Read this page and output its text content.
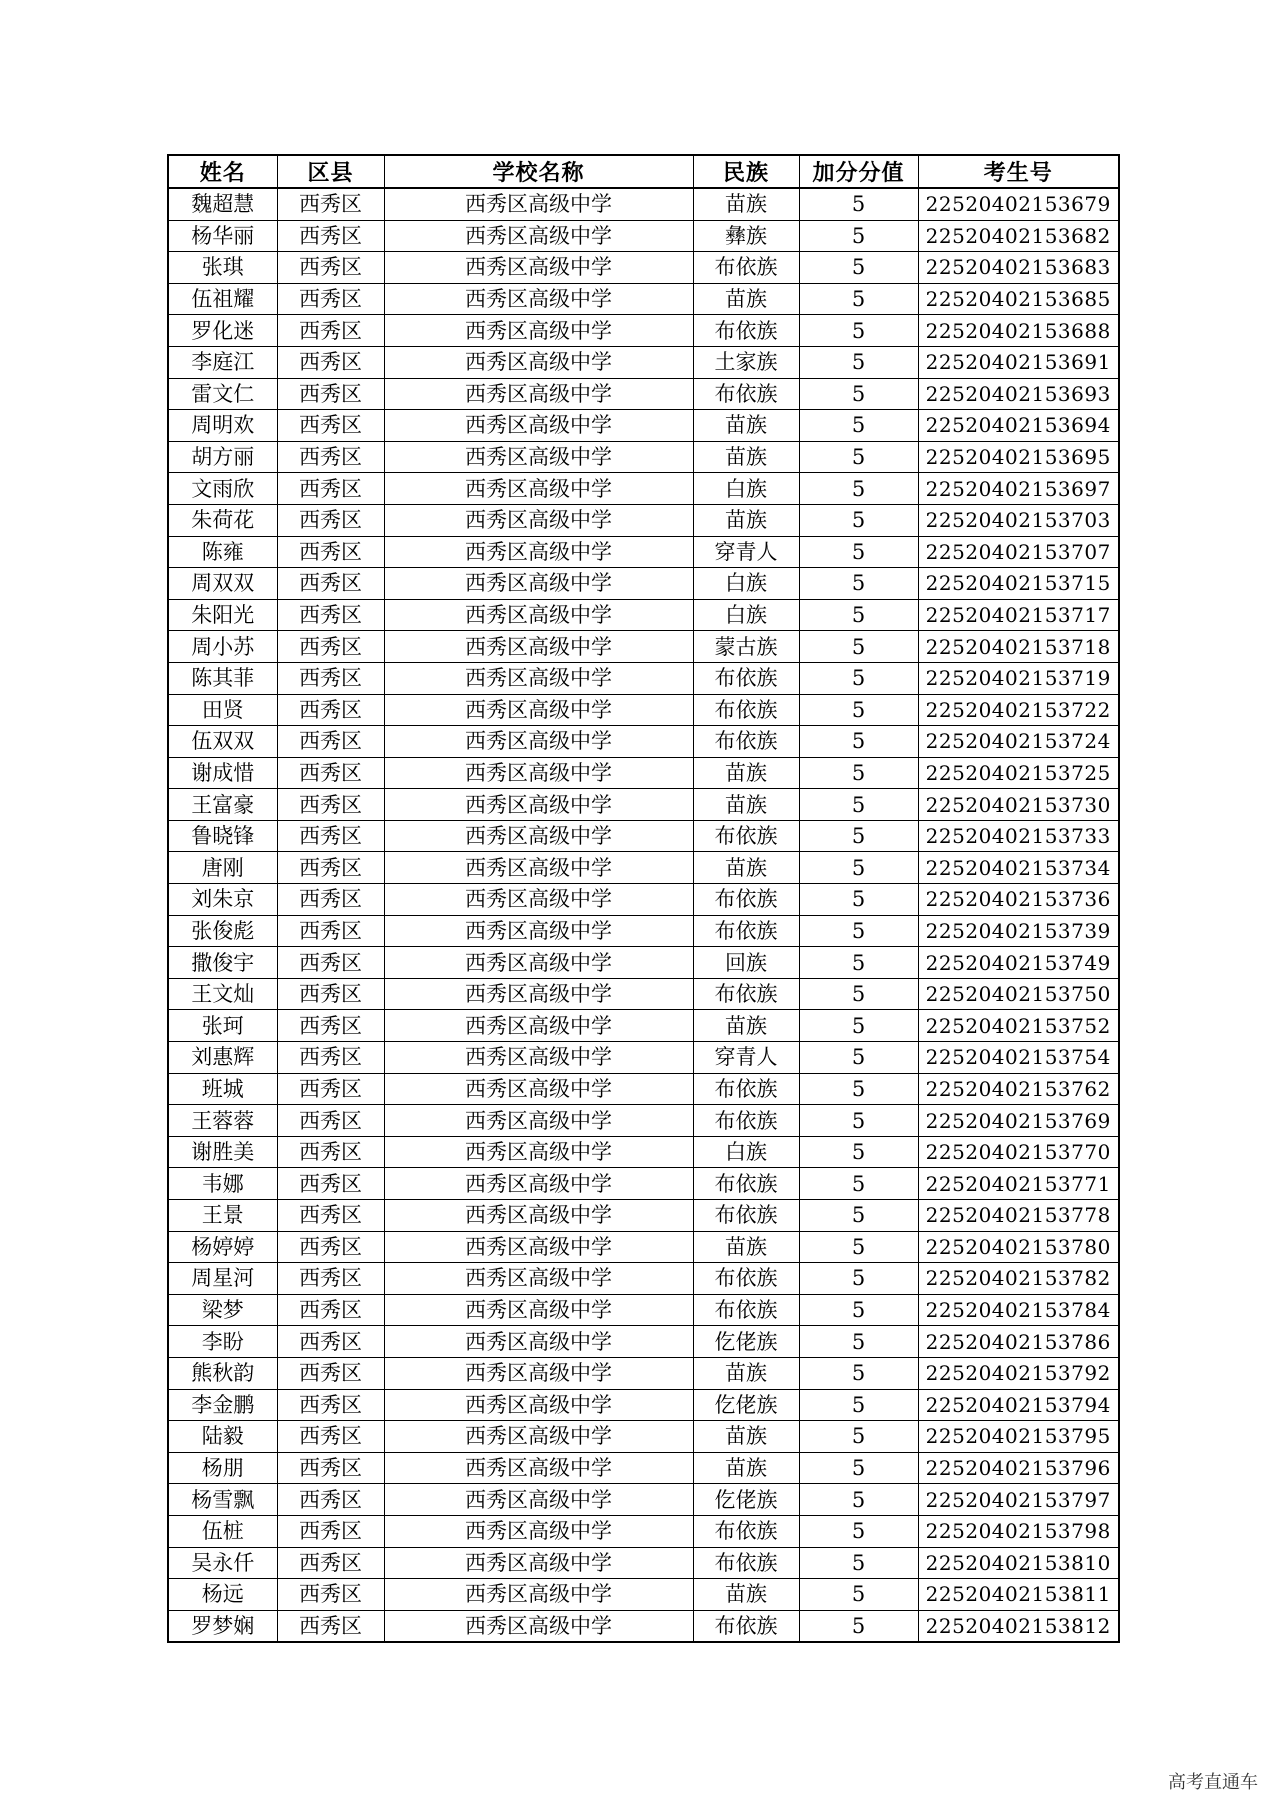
姓名	区县	学校名称	民族	加分分值	考生号
魏超慧	西秀区	西秀区高级中学	苗族	5	22520402153679
杨华丽	西秀区	西秀区高级中学	彝族	5	22520402153682
张琪	西秀区	西秀区高级中学	布依族	5	22520402153683
伍祖耀	西秀区	西秀区高级中学	苗族	5	22520402153685
罗化迷	西秀区	西秀区高级中学	布依族	5	22520402153688
李庭江	西秀区	西秀区高级中学	土家族	5	22520402153691
雷文仁	西秀区	西秀区高级中学	布依族	5	22520402153693
周明欢	西秀区	西秀区高级中学	苗族	5	22520402153694
胡方丽	西秀区	西秀区高级中学	苗族	5	22520402153695
文雨欣	西秀区	西秀区高级中学	白族	5	22520402153697
朱荷花	西秀区	西秀区高级中学	苗族	5	22520402153703
陈雍	西秀区	西秀区高级中学	穿青人	5	22520402153707
周双双	西秀区	西秀区高级中学	白族	5	22520402153715
朱阳光	西秀区	西秀区高级中学	白族	5	22520402153717
周小苏	西秀区	西秀区高级中学	蒙古族	5	22520402153718
陈其菲	西秀区	西秀区高级中学	布依族	5	22520402153719
田贤	西秀区	西秀区高级中学	布依族	5	22520402153722
伍双双	西秀区	西秀区高级中学	布依族	5	22520402153724
谢成惜	西秀区	西秀区高级中学	苗族	5	22520402153725
王富豪	西秀区	西秀区高级中学	苗族	5	22520402153730
鲁晓锋	西秀区	西秀区高级中学	布依族	5	22520402153733
唐刚	西秀区	西秀区高级中学	苗族	5	22520402153734
刘朱京	西秀区	西秀区高级中学	布依族	5	22520402153736
张俊彪	西秀区	西秀区高级中学	布依族	5	22520402153739
撒俊宇	西秀区	西秀区高级中学	回族	5	22520402153749
王文灿	西秀区	西秀区高级中学	布依族	5	22520402153750
张珂	西秀区	西秀区高级中学	苗族	5	22520402153752
刘惠辉	西秀区	西秀区高级中学	穿青人	5	22520402153754
班城	西秀区	西秀区高级中学	布依族	5	22520402153762
王蓉蓉	西秀区	西秀区高级中学	布依族	5	22520402153769
谢胜美	西秀区	西秀区高级中学	白族	5	22520402153770
韦娜	西秀区	西秀区高级中学	布依族	5	22520402153771
王景	西秀区	西秀区高级中学	布依族	5	22520402153778
杨婷婷	西秀区	西秀区高级中学	苗族	5	22520402153780
周星河	西秀区	西秀区高级中学	布依族	5	22520402153782
梁梦	西秀区	西秀区高级中学	布依族	5	22520402153784
李盼	西秀区	西秀区高级中学	仡佬族	5	22520402153786
熊秋韵	西秀区	西秀区高级中学	苗族	5	22520402153792
李金鹏	西秀区	西秀区高级中学	仡佬族	5	22520402153794
陆毅	西秀区	西秀区高级中学	苗族	5	22520402153795
杨朋	西秀区	西秀区高级中学	苗族	5	22520402153796
杨雪飘	西秀区	西秀区高级中学	仡佬族	5	22520402153797
伍桩	西秀区	西秀区高级中学	布依族	5	22520402153798
吴永仟	西秀区	西秀区高级中学	布依族	5	22520402153810
杨远	西秀区	西秀区高级中学	苗族	5	22520402153811
罗梦娴	西秀区	西秀区高级中学	布依族	5	22520402153812
高考直通车
